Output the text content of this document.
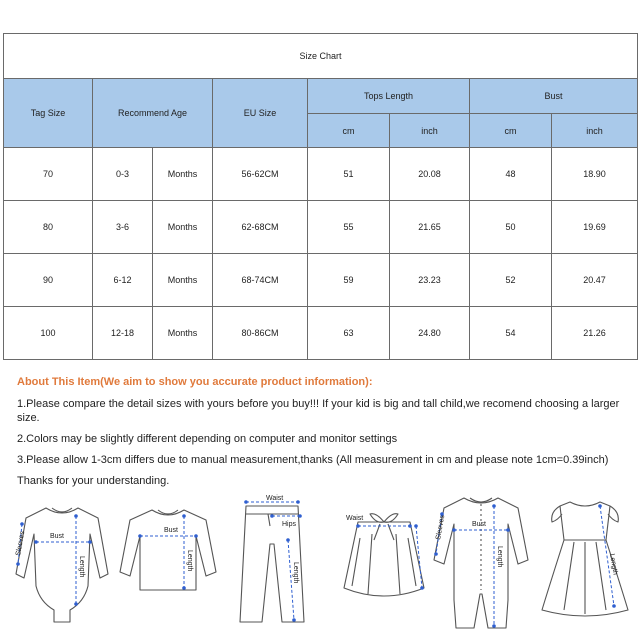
Size Chart							
Tag Size	Recommend Age		EU Size	Tops Length		Bust	
				cm	inch	cm	inch
70	0-3	Months	56-62CM	51	20.08	48	18.90
80	3-6	Months	62-68CM	55	21.65	50	19.69
90	6-12	Months	68-74CM	59	23.23	52	20.47
100	12-18	Months	80-86CM	63	24.80	54	21.26
About This Item(We aim to show you accurate product information):
1.Please compare the detail sizes with yours before you buy!!! If your kid is big and tall child,we recomend choosing a larger size.
2.Colors may be slightly different depending on computer and monitor settings
3.Please allow 1-3cm differs due to manual measurement,thanks (All measurement in cm and please note 1cm=0.39inch)
Thanks for your understanding.
Bust
Length
Sleeves
Bust
Length
Waist
Hips
Length
Waist
Bust
Length
Sleeves
Length
